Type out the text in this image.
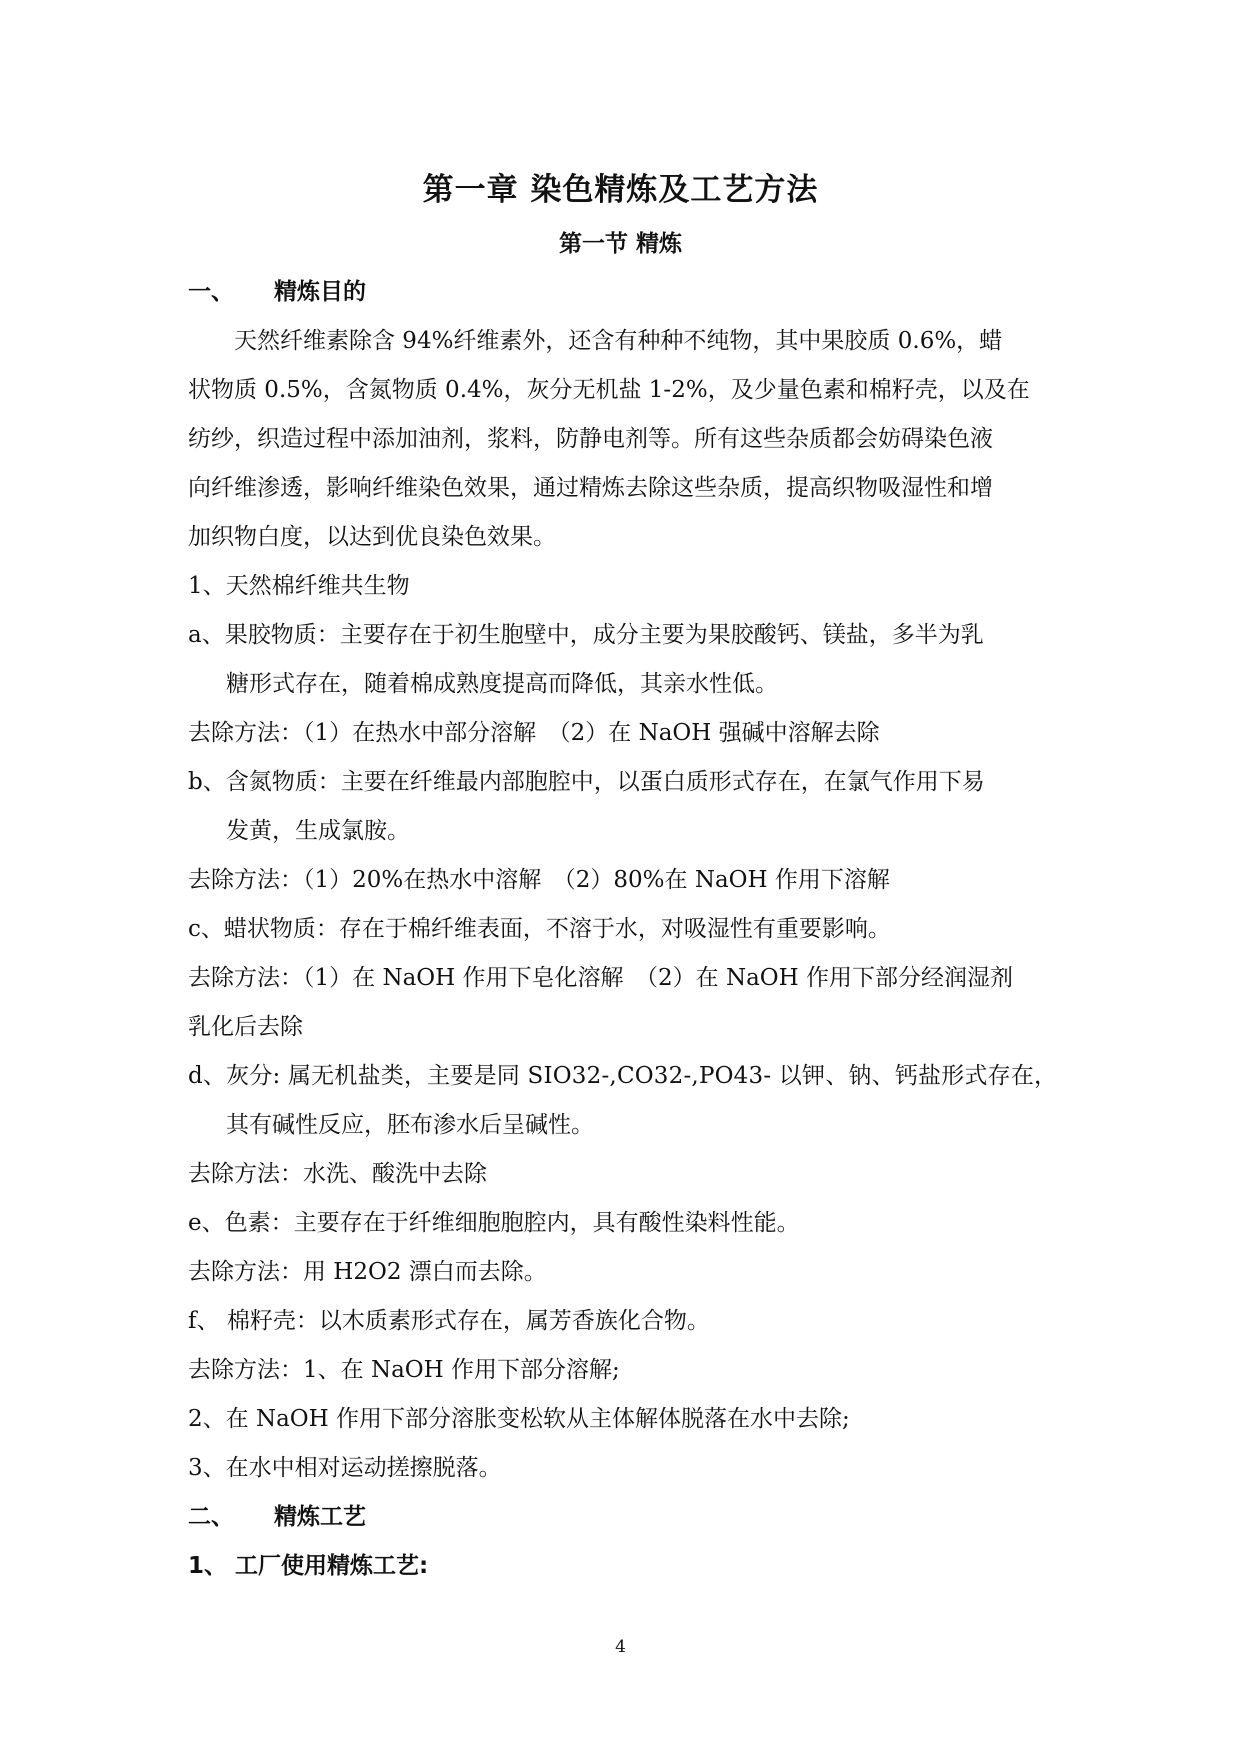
第一章 染色精炼及工艺方法
第一节 精炼
一、 精炼目的
天然纤维素除含 94%纤维素外，还含有种种不纯物，其中果胶质 0.6%，蜡
状物质 0.5%，含氮物质 0.4%，灰分无机盐 1-2%，及少量色素和棉籽壳，以及在
纺纱，织造过程中添加油剂，浆料，防静电剂等。所有这些杂质都会妨碍染色液
向纤维渗透，影响纤维染色效果，通过精炼去除这些杂质，提高织物吸湿性和增
加织物白度，以达到优良染色效果。
1、天然棉纤维共生物
a、果胶物质：主要存在于初生胞壁中，成分主要为果胶酸钙、镁盐，多半为乳
糖形式存在，随着棉成熟度提高而降低，其亲水性低。
去除方法：（1）在热水中部分溶解　（2）在 NaOH 强碱中溶解去除
b、含氮物质：主要在纤维最内部胞腔中，以蛋白质形式存在，在氯气作用下易
发黄，生成氯胺。
去除方法：（1）20%在热水中溶解　（2）80%在 NaOH 作用下溶解
c、蜡状物质：存在于棉纤维表面，不溶于水，对吸湿性有重要影响。
去除方法：（1）在 NaOH 作用下皂化溶解　（2）在 NaOH 作用下部分经润湿剂
乳化后去除
d、灰分: 属无机盐类，主要是同 SIO32-,CO32-,PO43- 以钾、钠、钙盐形式存在，
其有碱性反应，胚布渗水后呈碱性。
去除方法：水洗、酸洗中去除
e、色素：主要存在于纤维细胞胞腔内，具有酸性染料性能。
去除方法：用 H2O2 漂白而去除。
f、 棉籽壳：以木质素形式存在，属芳香族化合物。
去除方法：1、在 NaOH 作用下部分溶解;
2、在 NaOH 作用下部分溶胀变松软从主体解体脱落在水中去除;
3、在水中相对运动搓擦脱落。
二、 精炼工艺
1、 工厂使用精炼工艺:
4
